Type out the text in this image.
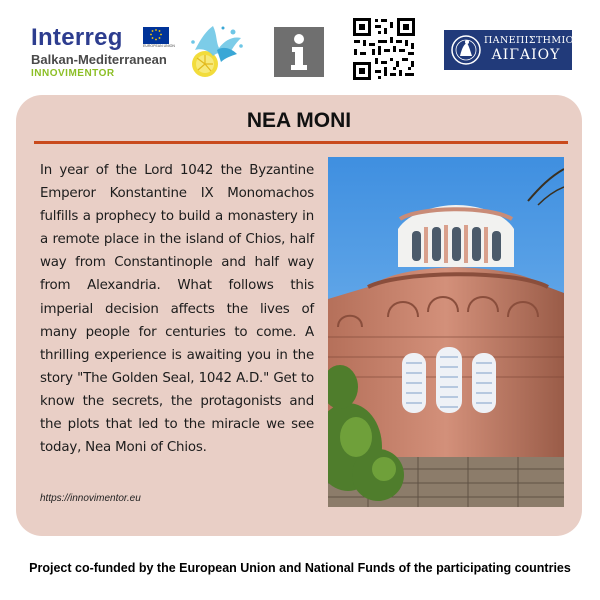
Interreg	EUROPEAN UNION
Balkan-Mediterranean
INNOVIMENTOR
ΠΑΝΕΠΙΣΤΗΜΙΟ
ΑΙΓΑΙΟΥ
NEA MONI
In year of the Lord 1042 the Byzantine Emperor Konstantine IX Monomachos fulfills a prophecy to build a monastery in a remote place in the island of Chios, half way from Constantinople and half way from Alexandria. What follows this imperial decision affects the lives of many people for centuries to come. A thrilling experience is awaiting you in the story "The Golden Seal, 1042 A.D." Get to know the secrets, the protagonists and the plots that led to the miracle we see today, Nea Moni of Chios.
https://innovimentor.eu
Project co-funded by the European Union and National Funds of the participating countries
